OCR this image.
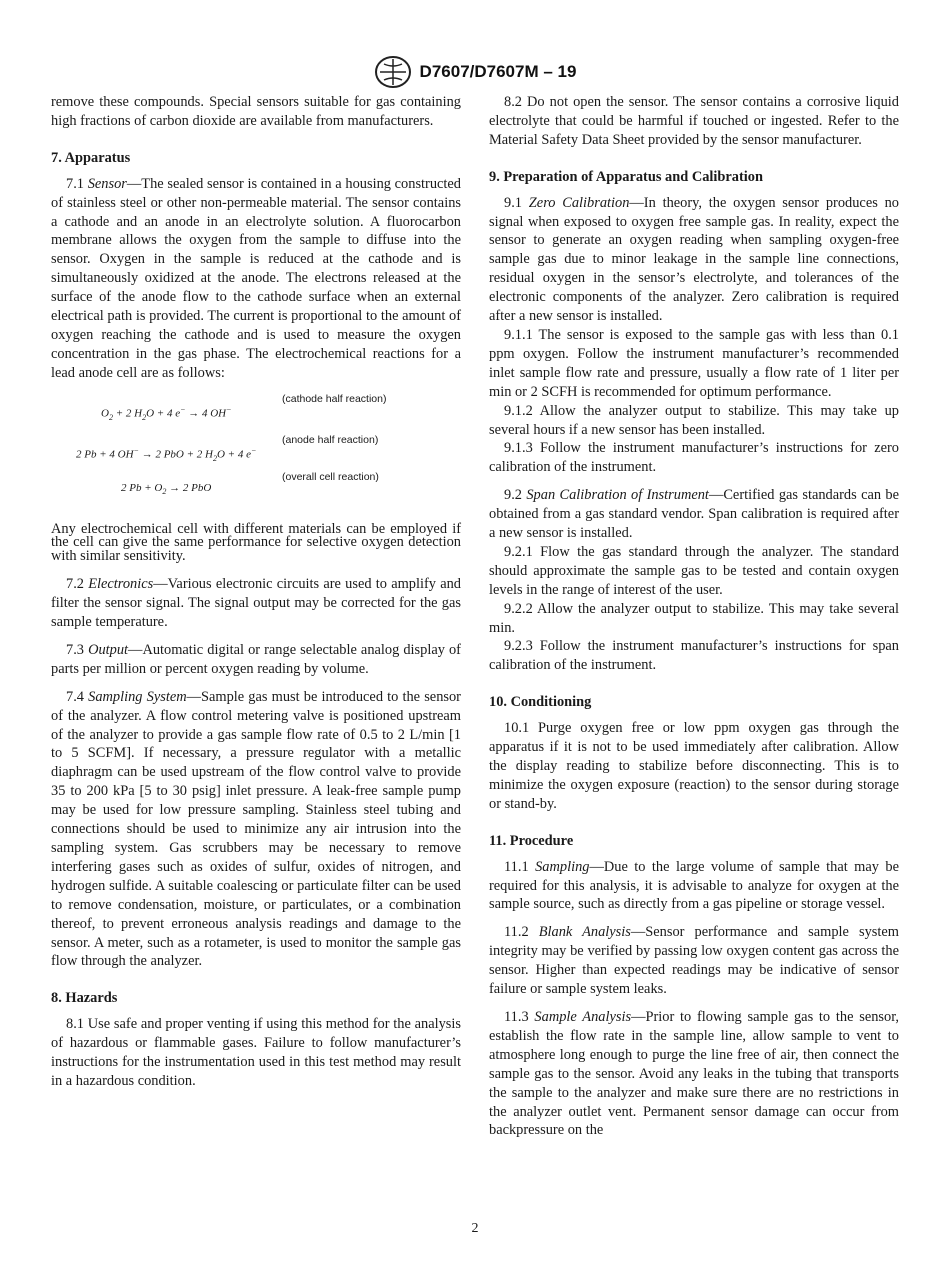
D7607/D7607M – 19

remove these compounds. Special sensors suitable for gas containing high fractions of carbon dioxide are available from manufacturers.

7. Apparatus

7.1 Sensor—The sealed sensor is contained in a housing constructed of stainless steel or other non-permeable material. The sensor contains a cathode and an anode in an electrolyte solution. A fluorocarbon membrane allows the oxygen from the sample to diffuse into the sensor. Oxygen in the sample is reduced at the cathode and is simultaneously oxidized at the anode. The electrons released at the surface of the anode flow to the cathode surface when an external electrical path is provided. The current is proportional to the amount of oxygen reaching the cathode and is used to measure the oxygen concentration in the gas phase. The electrochemical reactions for a lead anode cell are as follows:

$O_2 + 2$ $H_2O + 4$ e− → 4 OH−
(cathode half reaction)
2 Pb + 4 OH− → 2 PbO + 2 $H_2O + 4$ e−
(anode half reaction)
2 $Pb + O_2 \to 2$ PbO
(overall cell reaction)

Any electrochemical cell with different materials can be employed if the cell can give the same performance for selective oxygen detection with similar sensitivity.

7.2 Electronics—Various electronic circuits are used to amplify and filter the sensor signal. The signal output may be corrected for the gas sample temperature.

7.3 Output—Automatic digital or range selectable analog display of parts per million or percent oxygen reading by volume.

7.4 Sampling System—Sample gas must be introduced to the sensor of the analyzer. A flow control metering valve is positioned upstream of the analyzer to provide a gas sample flow rate of 0.5 to 2 L/min [1 to 5 SCFM]. If necessary, a pressure regulator with a metallic diaphragm can be used upstream of the flow control valve to provide 35 to 200 kPa [5 to 30 psig] inlet pressure. A leak-free sample pump may be used for low pressure sampling. Stainless steel tubing and connections should be used to minimize any air intrusion into the sampling system. Gas scrubbers may be necessary to remove interfering gases such as oxides of sulfur, oxides of nitrogen, and hydrogen sulfide. A suitable coalescing or particulate filter can be used to remove condensation, moisture, or particulates, or a combination thereof, to prevent erroneous analysis readings and damage to the sensor. A meter, such as a rotameter, is used to monitor the sample gas flow through the analyzer.

8. Hazards

8.1 Use safe and proper venting if using this method for the analysis of hazardous or flammable gases. Failure to follow manufacturer’s instructions for the instrumentation used in this test method may result in a hazardous condition.

8.2 Do not open the sensor. The sensor contains a corrosive liquid electrolyte that could be harmful if touched or ingested. Refer to the Material Safety Data Sheet provided by the sensor manufacturer.

9. Preparation of Apparatus and Calibration

9.1 Zero Calibration—In theory, the oxygen sensor produces no signal when exposed to oxygen free sample gas. In reality, expect the sensor to generate an oxygen reading when sampling oxygen-free sample gas due to minor leakage in the sample line connections, residual oxygen in the sensor’s electrolyte, and tolerances of the electronic components of the analyzer. Zero calibration is required after a new sensor is installed.

9.1.1 The sensor is exposed to the sample gas with less than 0.1 ppm oxygen. Follow the instrument manufacturer’s recommended inlet sample flow rate and pressure, usually a flow rate of 1 liter per min or 2 SCFH is recommended for optimum performance.

9.1.2 Allow the analyzer output to stabilize. This may take up several hours if a new sensor has been installed.

9.1.3 Follow the instrument manufacturer’s instructions for zero calibration of the instrument.

9.2 Span Calibration of Instrument—Certified gas standards can be obtained from a gas standard vendor. Span calibration is required after a new sensor is installed.

9.2.1 Flow the gas standard through the analyzer. The standard should approximate the sample gas to be tested and contain oxygen levels in the range of interest of the user.

9.2.2 Allow the analyzer output to stabilize. This may take several min.

9.2.3 Follow the instrument manufacturer’s instructions for span calibration of the instrument.

10. Conditioning

10.1 Purge oxygen free or low ppm oxygen gas through the apparatus if it is not to be used immediately after calibration. Allow the display reading to stabilize before disconnecting. This is to minimize the oxygen exposure (reaction) to the sensor during storage or stand-by.

11. Procedure

11.1 Sampling—Due to the large volume of sample that may be required for this analysis, it is advisable to analyze for oxygen at the sample source, such as directly from a gas pipeline or storage vessel.

11.2 Blank Analysis—Sensor performance and sample system integrity may be verified by passing low oxygen content gas across the sensor. Higher than expected readings may be indicative of sensor failure or sample system leaks.

11.3 Sample Analysis—Prior to flowing sample gas to the sensor, establish the flow rate in the sample line, allow sample to vent to atmosphere long enough to purge the line free of air, then connect the sample gas to the sensor. Avoid any leaks in the tubing that transports the sample to the analyzer and make sure there are no restrictions in the analyzer outlet vent. Permanent sensor damage can occur from backpressure on the

2
